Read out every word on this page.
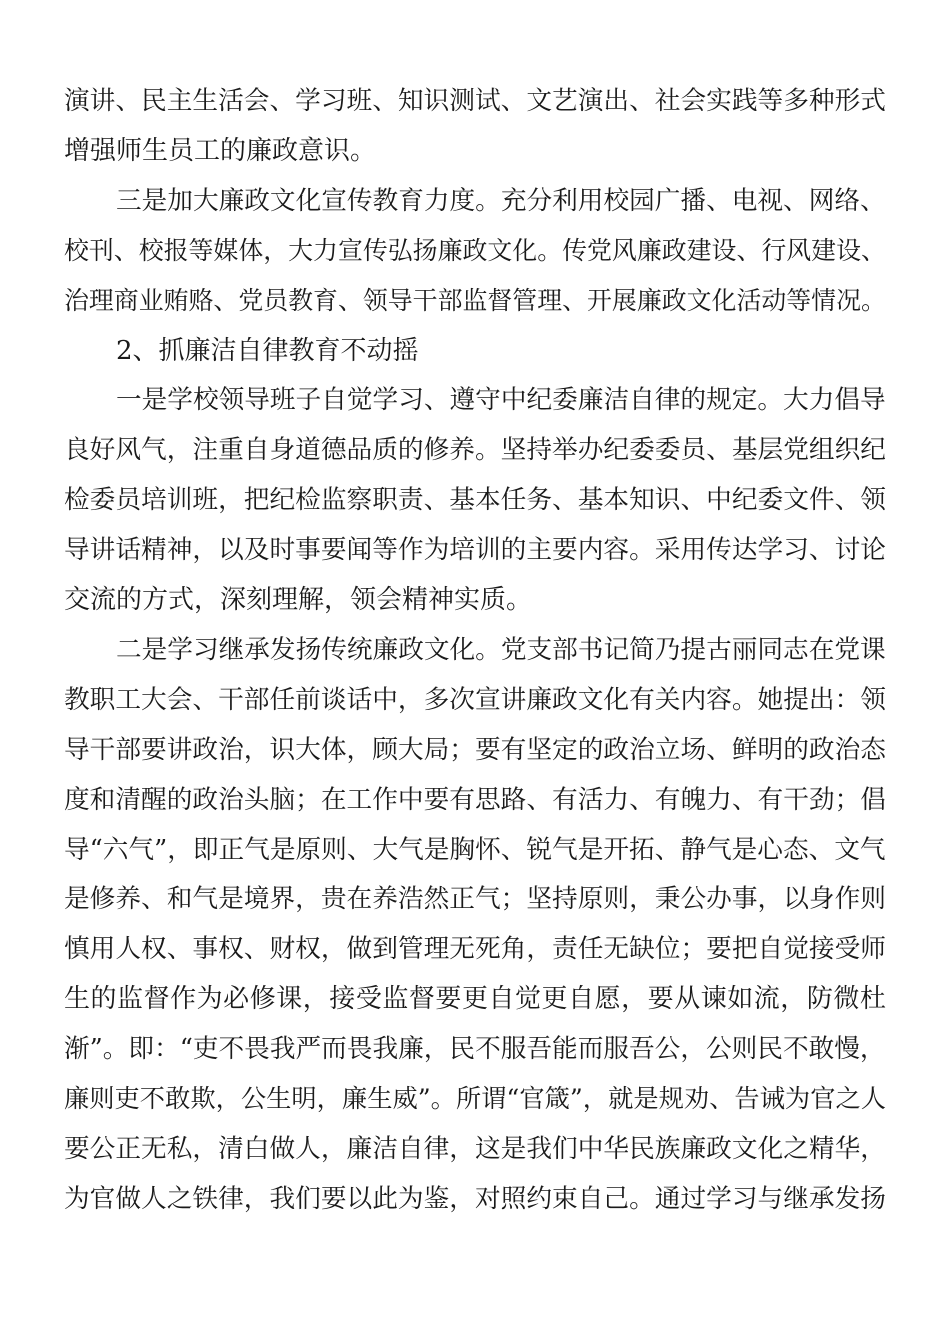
演讲、民主生活会、学习班、知识测试、文艺演出、社会实践等多种形式
增强师生员工的廉政意识。
三是加大廉政文化宣传教育力度。充分利用校园广播、电视、网络、
校刊、校报等媒体，大力宣传弘扬廉政文化。传党风廉政建设、行风建设、
治理商业贿赂、党员教育、领导干部监督管理、开展廉政文化活动等情况。
2、抓廉洁自律教育不动摇
一是学校领导班子自觉学习、遵守中纪委廉洁自律的规定。大力倡导
良好风气，注重自身道德品质的修养。坚持举办纪委委员、基层党组织纪
检委员培训班，把纪检监察职责、基本任务、基本知识、中纪委文件、领
导讲话精神，以及时事要闻等作为培训的主要内容。采用传达学习、讨论
交流的方式，深刻理解，领会精神实质。
二是学习继承发扬传统廉政文化。党支部书记简乃提古丽同志在党课
教职工大会、干部任前谈话中，多次宣讲廉政文化有关内容。她提出：领
导干部要讲政治，识大体，顾大局；要有坚定的政治立场、鲜明的政治态
度和清醒的政治头脑；在工作中要有思路、有活力、有魄力、有干劲；倡
导“六气”，即正气是原则、大气是胸怀、锐气是开拓、静气是心态、文气
是修养、和气是境界，贵在养浩然正气；坚持原则，秉公办事，以身作则
慎用人权、事权、财权，做到管理无死角，责任无缺位；要把自觉接受师
生的监督作为必修课，接受监督要更自觉更自愿，要从谏如流，防微杜
渐”。即：“吏不畏我严而畏我廉，民不服吾能而服吾公，公则民不敢慢，
廉则吏不敢欺，公生明，廉生威”。所谓“官箴”，就是规劝、告诫为官之人
要公正无私，清白做人，廉洁自律，这是我们中华民族廉政文化之精华，
为官做人之铁律，我们要以此为鉴，对照约束自己。通过学习与继承发扬
